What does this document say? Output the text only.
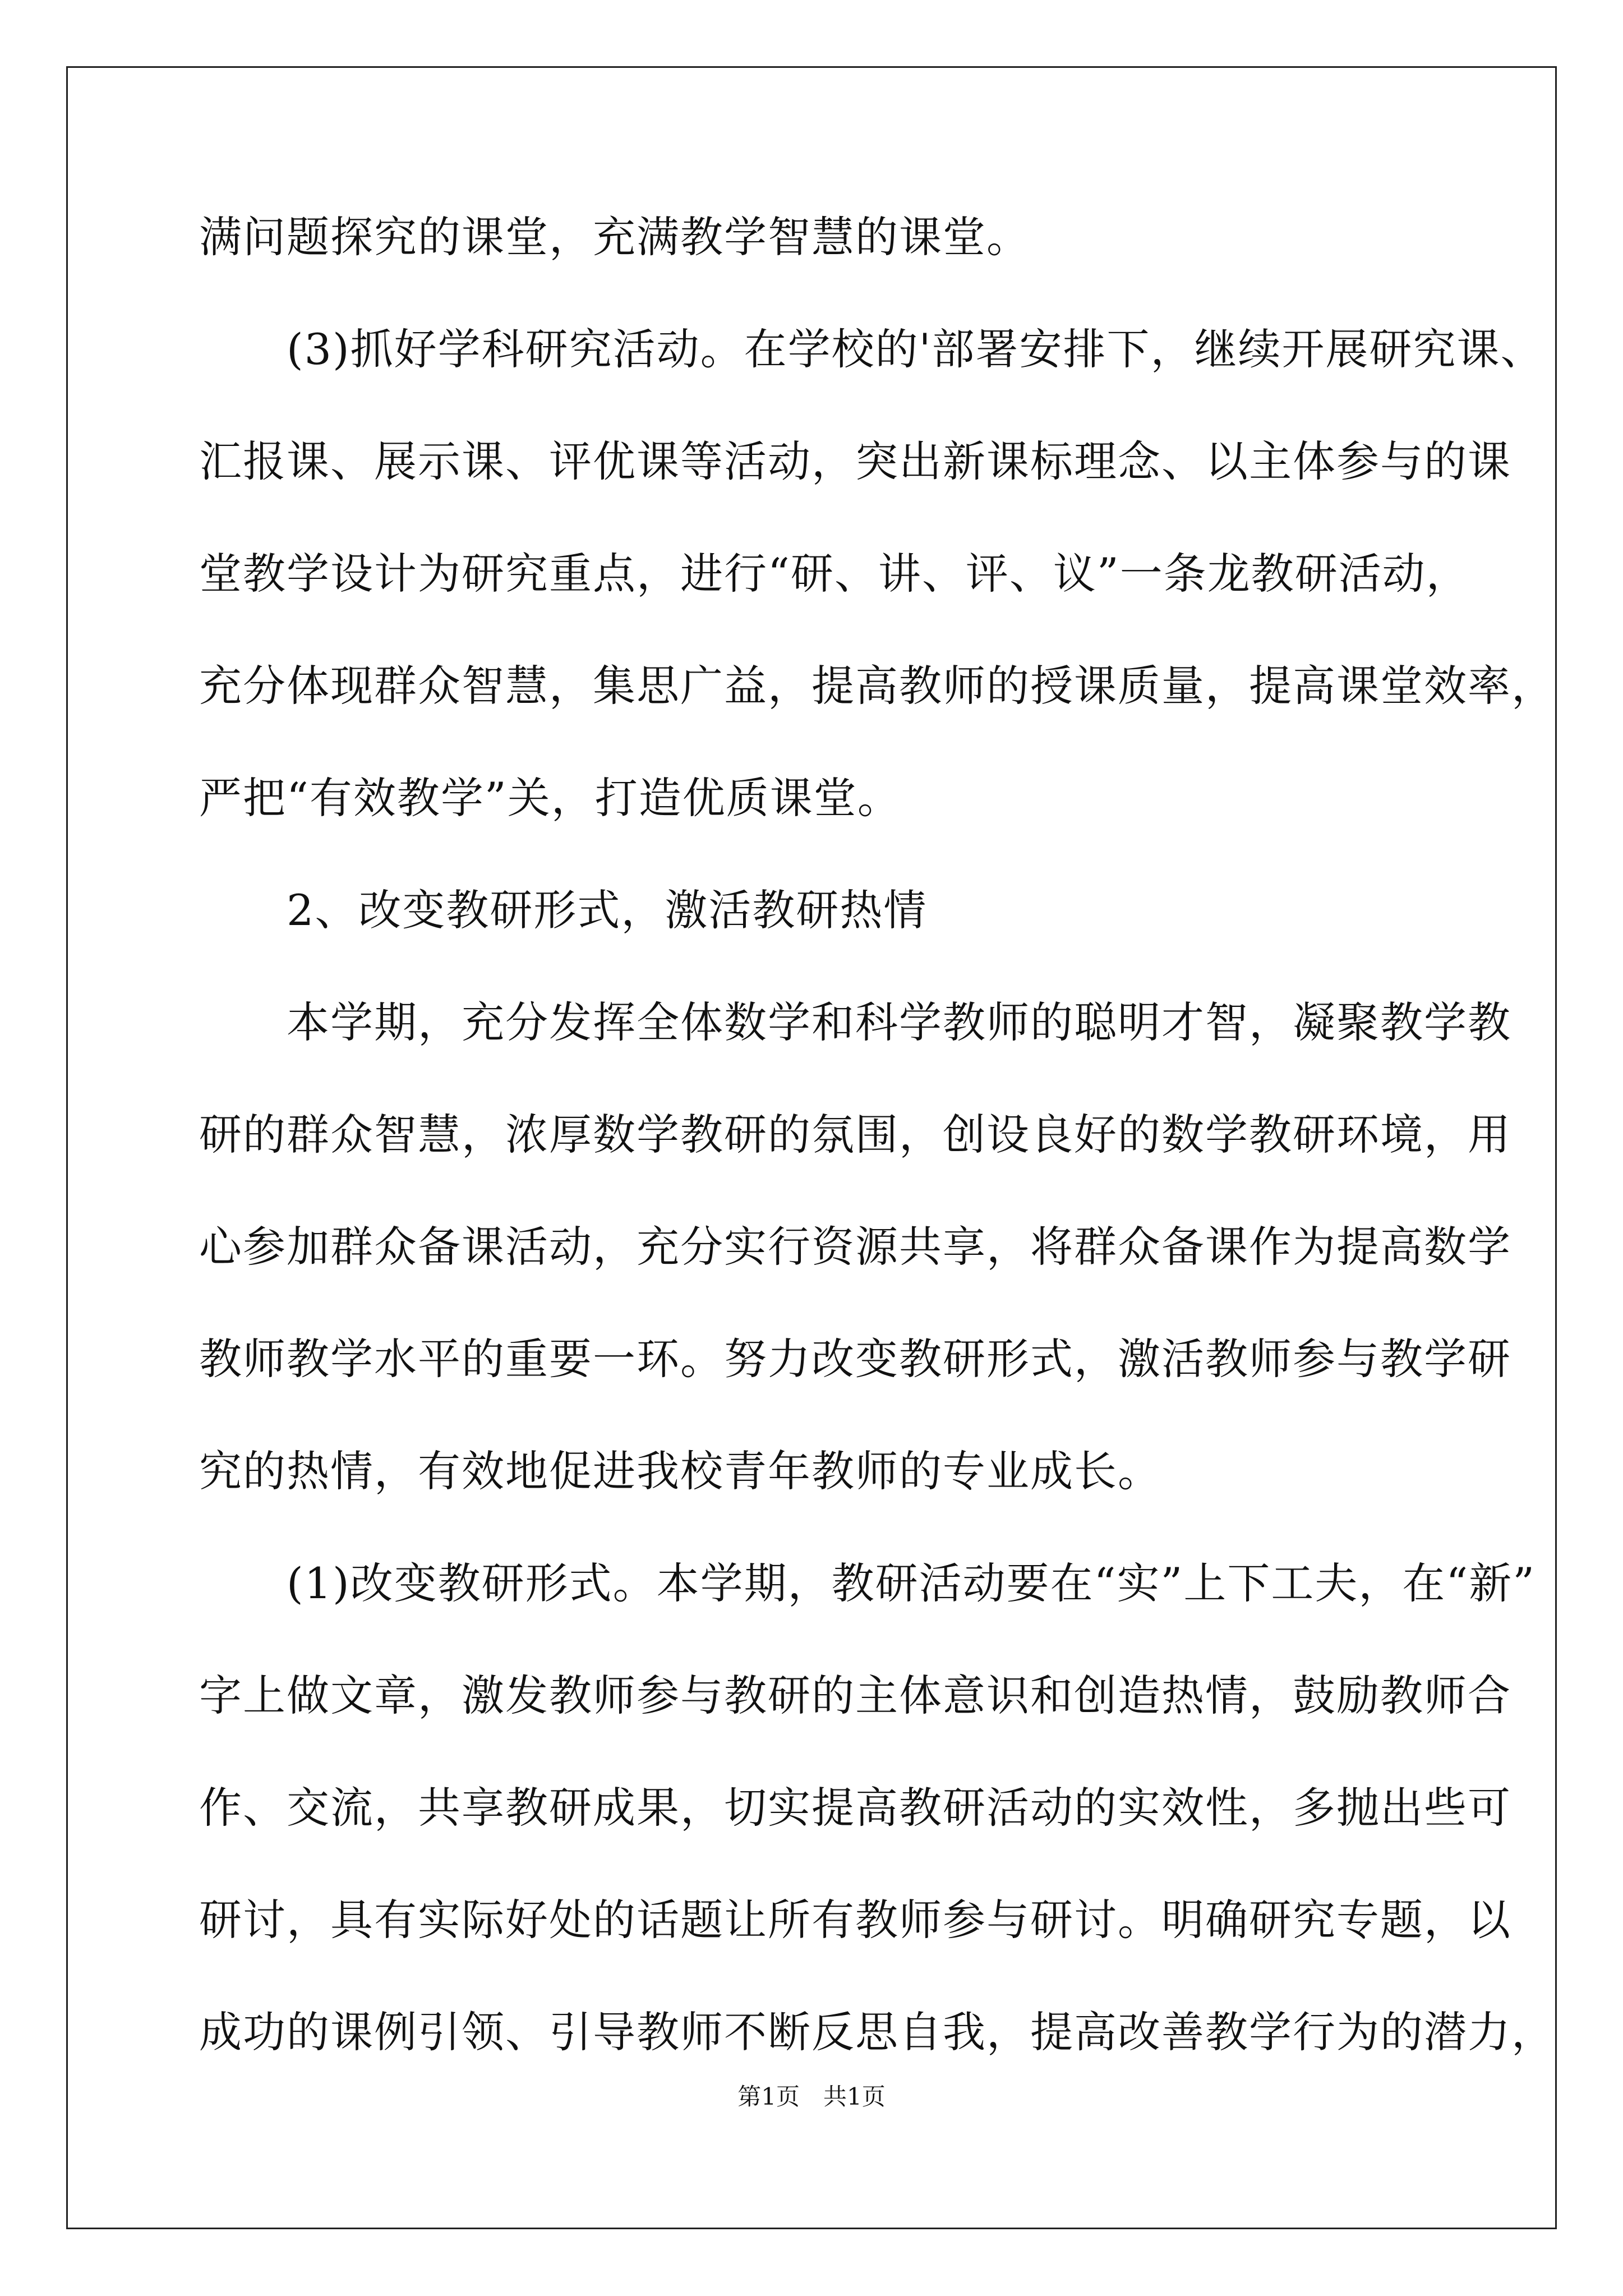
满问题探究的课堂，充满教学智慧的课堂。
　　(3)抓好学科研究活动。在学校的'部署安排下，继续开展研究课、
汇报课、展示课、评优课等活动，突出新课标理念、以主体参与的课
堂教学设计为研究重点，进行“研、讲、评、议”一条龙教研活动，
充分体现群众智慧，集思广益，提高教师的授课质量，提高课堂效率，
严把“有效教学”关，打造优质课堂。
　　2、改变教研形式，激活教研热情
　　本学期，充分发挥全体数学和科学教师的聪明才智，凝聚教学教
研的群众智慧，浓厚数学教研的氛围，创设良好的数学教研环境，用
心参加群众备课活动，充分实行资源共享，将群众备课作为提高数学
教师教学水平的重要一环。努力改变教研形式，激活教师参与教学研
究的热情，有效地促进我校青年教师的专业成长。
　　(1)改变教研形式。本学期，教研活动要在“实”上下工夫，在“新”
字上做文章，激发教师参与教研的主体意识和创造热情，鼓励教师合
作、交流，共享教研成果，切实提高教研活动的实效性，多抛出些可
研讨，具有实际好处的话题让所有教师参与研讨。明确研究专题，以
成功的课例引领、引导教师不断反思自我，提高改善教学行为的潜力，
第1页　共1页
